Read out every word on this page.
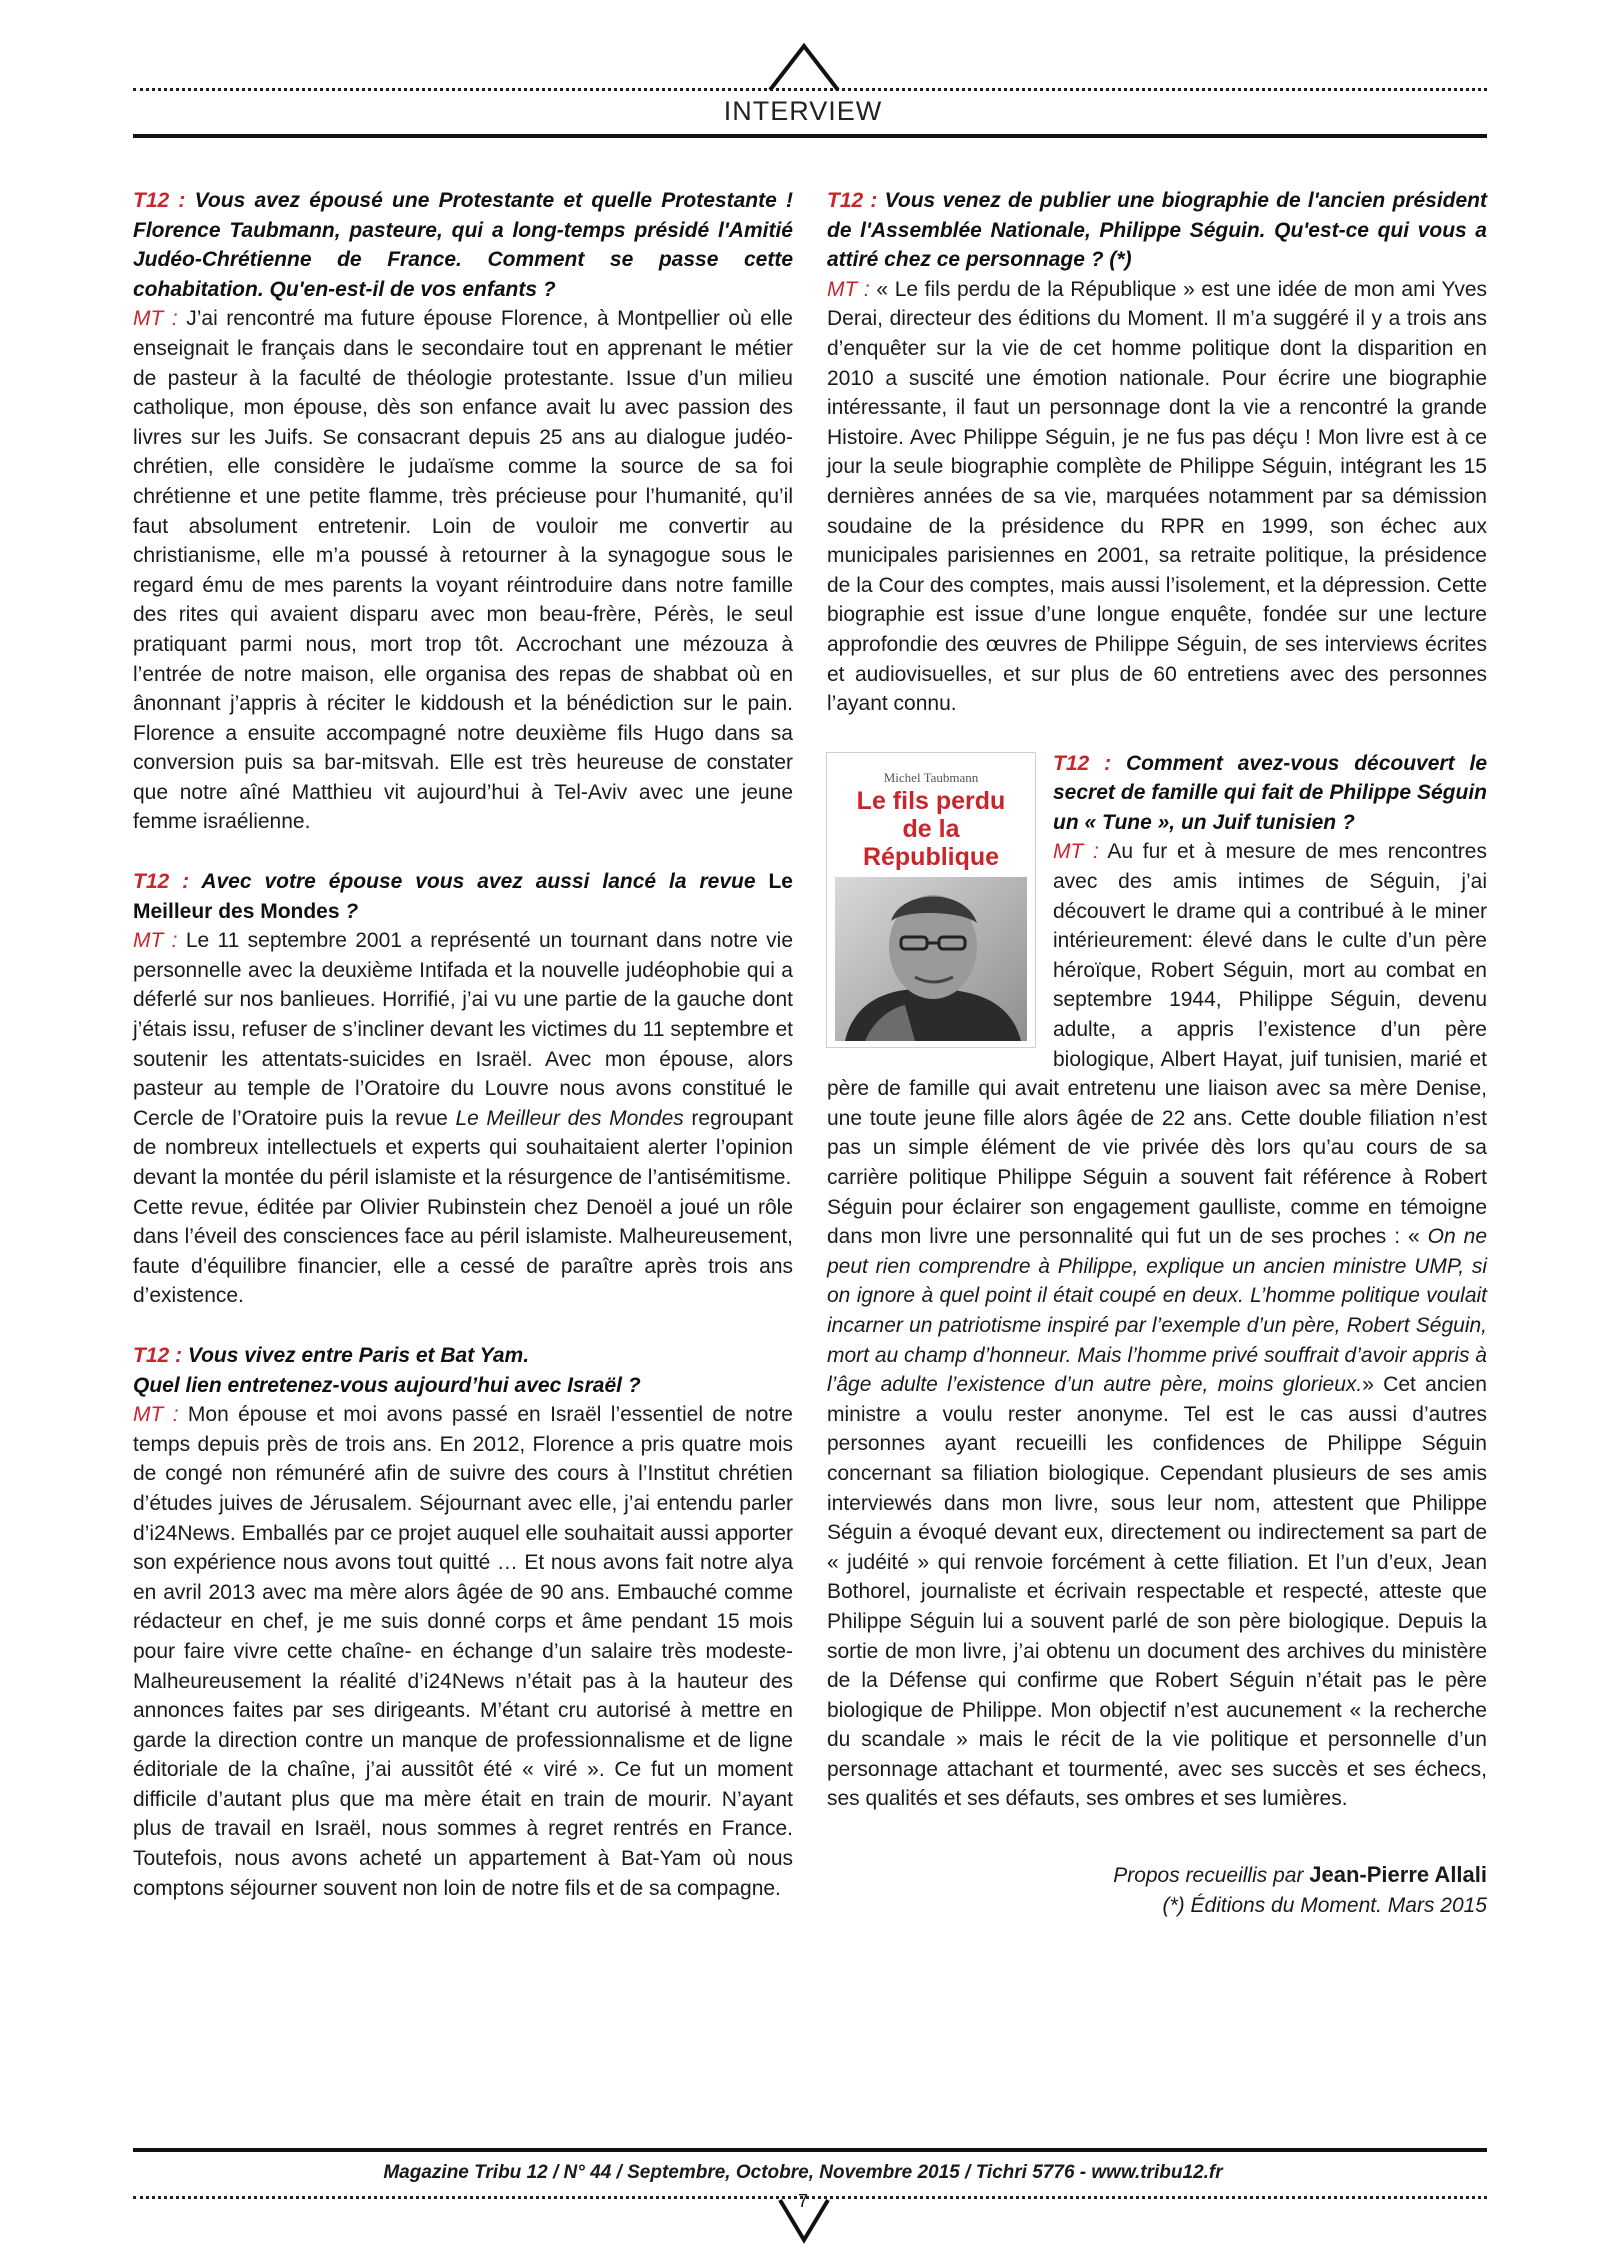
INTERVIEW

T12 : Vous avez épousé une Protestante et quelle Protestante ! Florence Taubmann, pasteure, qui a long-temps présidé l'Amitié Judéo-Chrétienne de France. Comment se passe cette cohabitation. Qu'en-est-il de vos enfants ?

MT : J’ai rencontré ma future épouse Florence, à Montpellier où elle enseignait le français dans le secondaire tout en apprenant le métier de pasteur à la faculté de théologie protestante. Issue d’un milieu catholique, mon épouse, dès son enfance avait lu avec passion des livres sur les Juifs. Se consacrant depuis 25 ans au dialogue judéo-chrétien, elle considère le judaïsme comme la source de sa foi chrétienne et une petite flamme, très précieuse pour l’humanité, qu’il faut absolument entretenir. Loin de vouloir me convertir au christianisme, elle m’a poussé à retourner à la synagogue sous le regard ému de mes parents la voyant réintroduire dans notre famille des rites qui avaient disparu avec mon beau-frère, Pérès, le seul pratiquant parmi nous, mort trop tôt. Accrochant une mézouza à l’entrée de notre maison, elle organisa des repas de shabbat où en ânonnant j’appris à réciter le kiddoush et la bénédiction sur le pain. Florence a ensuite accompagné notre deuxième fils Hugo dans sa conversion puis sa bar-mitsvah. Elle est très heureuse de constater que notre aîné Matthieu vit aujourd’hui à Tel-Aviv avec une jeune femme israélienne.

T12 : Avec votre épouse vous avez aussi lancé la revue Le Meilleur des Mondes ?

MT : Le 11 septembre 2001 a représenté un tournant dans notre vie personnelle avec la deuxième Intifada et la nouvelle judéophobie qui a déferlé sur nos banlieues. Horrifié, j’ai vu une partie de la gauche dont j’étais issu, refuser de s’incliner devant les victimes du 11 septembre et soutenir les attentats-suicides en Israël. Avec mon épouse, alors pasteur au temple de l’Oratoire du Louvre nous avons constitué le Cercle de l’Oratoire puis la revue Le Meilleur des Mondes regroupant de nombreux intellectuels et experts qui souhaitaient alerter l’opinion devant la montée du péril islamiste et la résurgence de l’antisémitisme.

Cette revue, éditée par Olivier Rubinstein chez Denoël a joué un rôle dans l’éveil des consciences face au péril islamiste. Malheureusement, faute d’équilibre financier, elle a cessé de paraître après trois ans d’existence.

T12 : Vous vivez entre Paris et Bat Yam.
Quel lien entretenez-vous aujourd’hui avec Israël ?

MT : Mon épouse et moi avons passé en Israël l’essentiel de notre temps depuis près de trois ans. En 2012, Florence a pris quatre mois de congé non rémunéré afin de suivre des cours à l’Institut chrétien d’études juives de Jérusalem. Séjournant avec elle, j’ai entendu parler d’i24News. Emballés par ce projet auquel elle souhaitait aussi apporter son expérience nous avons tout quitté … Et nous avons fait notre alya en avril 2013 avec ma mère alors âgée de 90 ans. Embauché comme rédacteur en chef, je me suis donné corps et âme pendant 15 mois pour faire vivre cette chaîne- en échange d’un salaire très modeste- Malheureusement la réalité d’i24News n’était pas à la hauteur des annonces faites par ses dirigeants. M’étant cru autorisé à mettre en garde la direction contre un manque de professionnalisme et de ligne éditoriale de la chaîne, j’ai aussitôt été « viré ». Ce fut un moment difficile d’autant plus que ma mère était en train de mourir. N’ayant plus de travail en Israël, nous sommes à regret rentrés en France. Toutefois, nous avons acheté un appartement à Bat-Yam où nous comptons séjourner souvent non loin de notre fils et de sa compagne.

T12 : Vous venez de publier une biographie de l'ancien président de l'Assemblée Nationale, Philippe Séguin. Qu'est-ce qui vous a attiré chez ce personnage ? (*)

MT : « Le fils perdu de la République » est une idée de mon ami Yves Derai, directeur des éditions du Moment. Il m’a suggéré il y a trois ans d’enquêter sur la vie de cet homme politique dont la disparition en 2010 a suscité une émotion nationale. Pour écrire une biographie intéressante, il faut un personnage dont la vie a rencontré la grande Histoire. Avec Philippe Séguin, je ne fus pas déçu ! Mon livre est à ce jour la seule biographie complète de Philippe Séguin, intégrant les 15 dernières années de sa vie, marquées notamment par sa démission soudaine de la présidence du RPR en 1999, son échec aux municipales parisiennes en 2001, sa retraite politique, la présidence de la Cour des comptes, mais aussi l’isolement, et la dépression. Cette biographie est issue d’une longue enquête, fondée sur une lecture approfondie des œuvres de Philippe Séguin, de ses interviews écrites et audiovisuelles, et sur plus de 60 entretiens avec des personnes l’ayant connu.

Michel Taubmann
Le fils perdu
de la
République

T12 : Comment avez-vous découvert le secret de famille qui fait de Philippe Séguin un « Tune », un Juif tunisien ?

MT : Au fur et à mesure de mes rencontres avec des amis intimes de Séguin, j’ai découvert le drame qui a contribué à le miner intérieurement: élevé dans le culte d’un père héroïque, Robert Séguin, mort au combat en septembre 1944, Philippe Séguin, devenu adulte, a appris l’existence d’un père biologique, Albert Hayat, juif tunisien, marié et père de famille qui avait entretenu une liaison avec sa mère Denise, une toute jeune fille alors âgée de 22 ans. Cette double filiation n’est pas un simple élément de vie privée dès lors qu’au cours de sa carrière politique Philippe Séguin a souvent fait référence à Robert Séguin pour éclairer son engagement gaulliste, comme en témoigne dans mon livre une personnalité qui fut un de ses proches : « On ne peut rien comprendre à Philippe, explique un ancien ministre UMP, si on ignore à quel point il était coupé en deux. L’homme politique voulait incarner un patriotisme inspiré par l’exemple d’un père, Robert Séguin, mort au champ d’honneur. Mais l’homme privé souffrait d’avoir appris à l’âge adulte l’existence d’un autre père, moins glorieux.» Cet ancien ministre a voulu rester anonyme. Tel est le cas aussi d’autres personnes ayant recueilli les confidences de Philippe Séguin concernant sa filiation biologique. Cependant plusieurs de ses amis interviewés dans mon livre, sous leur nom, attestent que Philippe Séguin a évoqué devant eux, directement ou indirectement sa part de « judéité » qui renvoie forcément à cette filiation. Et l’un d’eux, Jean Bothorel, journaliste et écrivain respectable et respecté, atteste que Philippe Séguin lui a souvent parlé de son père biologique. Depuis la sortie de mon livre, j’ai obtenu un document des archives du ministère de la Défense qui confirme que Robert Séguin n’était pas le père biologique de Philippe. Mon objectif n’est aucunement « la recherche du scandale » mais le récit de la vie politique et personnelle d’un personnage attachant et tourmenté, avec ses succès et ses échecs, ses qualités et ses défauts, ses ombres et ses lumières.

Propos recueillis par Jean-Pierre Allali
(*) Éditions du Moment. Mars 2015
Magazine Tribu 12 / N° 44 / Septembre, Octobre, Novembre 2015 / Tichri 5776 - www.tribu12.fr
7
